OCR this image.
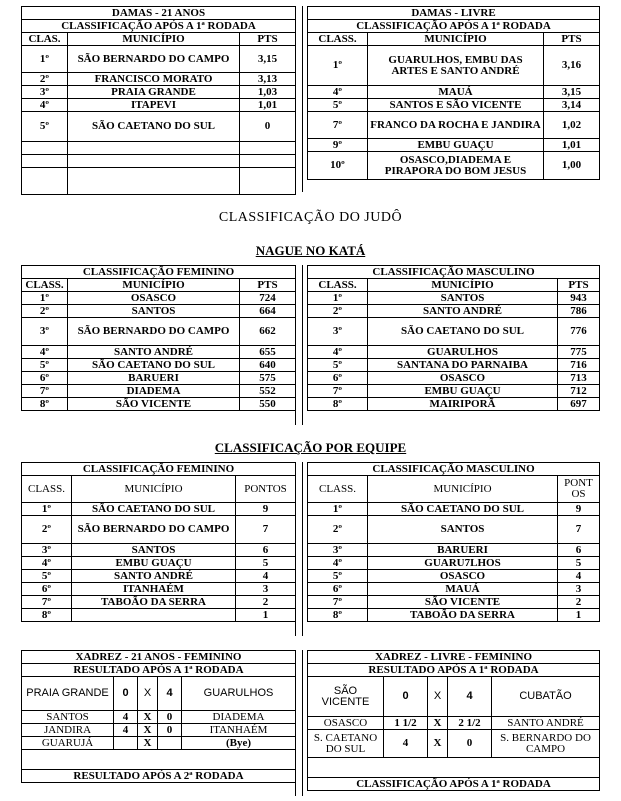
DAMAS - 21 ANOS		
CLASSIFICAÇÃO APÓS A 1ª RODADA		
CLAS.	MUNICÍPIO	PTS
1º	SÃO BERNARDO DO CAMPO	3,15
2º	FRANCISCO MORATO	3,13
3º	PRAIA GRANDE	1,03
4º	ITAPEVI	1,01
5º	SÃO CAETANO DO SUL	0

DAMAS - LIVRE		
CLASSIFICAÇÃO APÓS A 1ª RODADA		
CLASS.	MUNICÍPIO	PTS
1º	GUARULHOS, EMBU DAS ARTES E SANTO ANDRÉ	3,16
4º	MAUÁ	3,15
5º	SANTOS E SÃO VICENTE	3,14
7º	FRANCO DA ROCHA E JANDIRA	1,02
9º	EMBU GUAÇU	1,01
10º	OSASCO,DIADEMA E PIRAPORA DO BOM JESUS	1,00
CLASSIFICAÇÃO DO JUDÔ
NAGUE NO KATÁ
CLASSIFICAÇÃO FEMININO		
CLASS.	MUNICÍPIO	PTS
1º	OSASCO	724
2º	SANTOS	664
3º	SÃO BERNARDO DO CAMPO	662
4º	SANTO ANDRÉ	655
5º	SÃO CAETANO DO SUL	640
6º	BARUERI	575
7º	DIADEMA	552
8º	SÃO VICENTE	550
CLASSIFICAÇÃO MASCULINO		
CLASS.	MUNICÍPIO	PTS
1º	SANTOS	943
2º	SANTO ANDRÉ	786
3º	SÃO CAETANO DO SUL	776
4º	GUARULHOS	775
5º	SANTANA DO PARNAIBA	716
6º	OSASCO	713
7º	EMBU GUAÇU	712
8º	MAIRIPORÃ	697
CLASSIFICAÇÃO POR EQUIPE
CLASSIFICAÇÃO FEMININO		
CLASS.	MUNICÍPIO	PONTOS
1º	SÃO CAETANO DO SUL	9
2º	SÃO BERNARDO DO CAMPO	7
3º	SANTOS	6
4º	EMBU GUAÇU	5
5º	SANTO ANDRÉ	4
6º	ITANHAÉM	3
7º	TABOÃO DA SERRA	2
8º		1
CLASSIFICAÇÃO MASCULINO		
CLASS.	MUNICÍPIO	PONT OS
1º	SÃO CAETANO DO SUL	9
2º	SANTOS	7
3º	BARUERI	6
4º	GUARU7LHOS	5
5º	OSASCO	4
6º	MAUÁ	3
7º	SÃO VICENTE	2
8º	TABOÃO DA SERRA	1
XADREZ - 21 ANOS - FEMININO				
RESULTADO APÓS A 1ª RODADA				
PRAIA GRANDE	0	X	4	GUARULHOS
SANTOS	4	X	0	DIADEMA
JANDIRA	4	X	0	ITANHAÉM
GUARUJÁ		X		(Bye)

RESULTADO APÓS A 2ª RODADA				
XADREZ - LIVRE - FEMININO				
RESULTADO APÓS A 1ª RODADA				
SÃO VICENTE	0	X	4	CUBATÃO
OSASCO	1 1/2	X	2 1/2	SANTO ANDRÉ
S. CAETANO DO SUL	4	X	0	S. BERNARDO DO CAMPO

CLASSIFICAÇÃO APÓS A 1ª RODADA				
